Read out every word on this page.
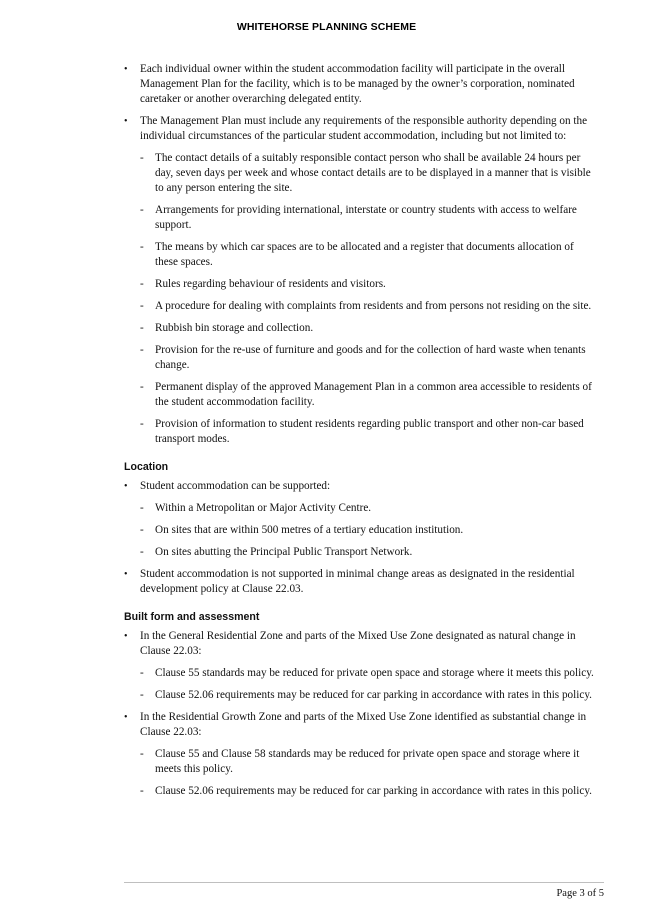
WHITEHORSE PLANNING SCHEME
• Each individual owner within the student accommodation facility will participate in the overall Management Plan for the facility, which is to be managed by the owner’s corporation, nominated caretaker or another overarching delegated entity.
• The Management Plan must include any requirements of the responsible authority depending on the individual circumstances of the particular student accommodation, including but not limited to:
- The contact details of a suitably responsible contact person who shall be available 24 hours per day, seven days per week and whose contact details are to be displayed in a manner that is visible to any person entering the site.
- Arrangements for providing international, interstate or country students with access to welfare support.
- The means by which car spaces are to be allocated and a register that documents allocation of these spaces.
- Rules regarding behaviour of residents and visitors.
- A procedure for dealing with complaints from residents and from persons not residing on the site.
- Rubbish bin storage and collection.
- Provision for the re-use of furniture and goods and for the collection of hard waste when tenants change.
- Permanent display of the approved Management Plan in a common area accessible to residents of the student accommodation facility.
- Provision of information to student residents regarding public transport and other non-car based transport modes.
Location
• Student accommodation can be supported:
- Within a Metropolitan or Major Activity Centre.
- On sites that are within 500 metres of a tertiary education institution.
- On sites abutting the Principal Public Transport Network.
• Student accommodation is not supported in minimal change areas as designated in the residential development policy at Clause 22.03.
Built form and assessment
• In the General Residential Zone and parts of the Mixed Use Zone designated as natural change in Clause 22.03:
- Clause 55 standards may be reduced for private open space and storage where it meets this policy.
- Clause 52.06 requirements may be reduced for car parking in accordance with rates in this policy.
• In the Residential Growth Zone and parts of the Mixed Use Zone identified as substantial change in Clause 22.03:
- Clause 55 and Clause 58 standards may be reduced for private open space and storage where it meets this policy.
- Clause 52.06 requirements may be reduced for car parking in accordance with rates in this policy.
Page 3 of 5
